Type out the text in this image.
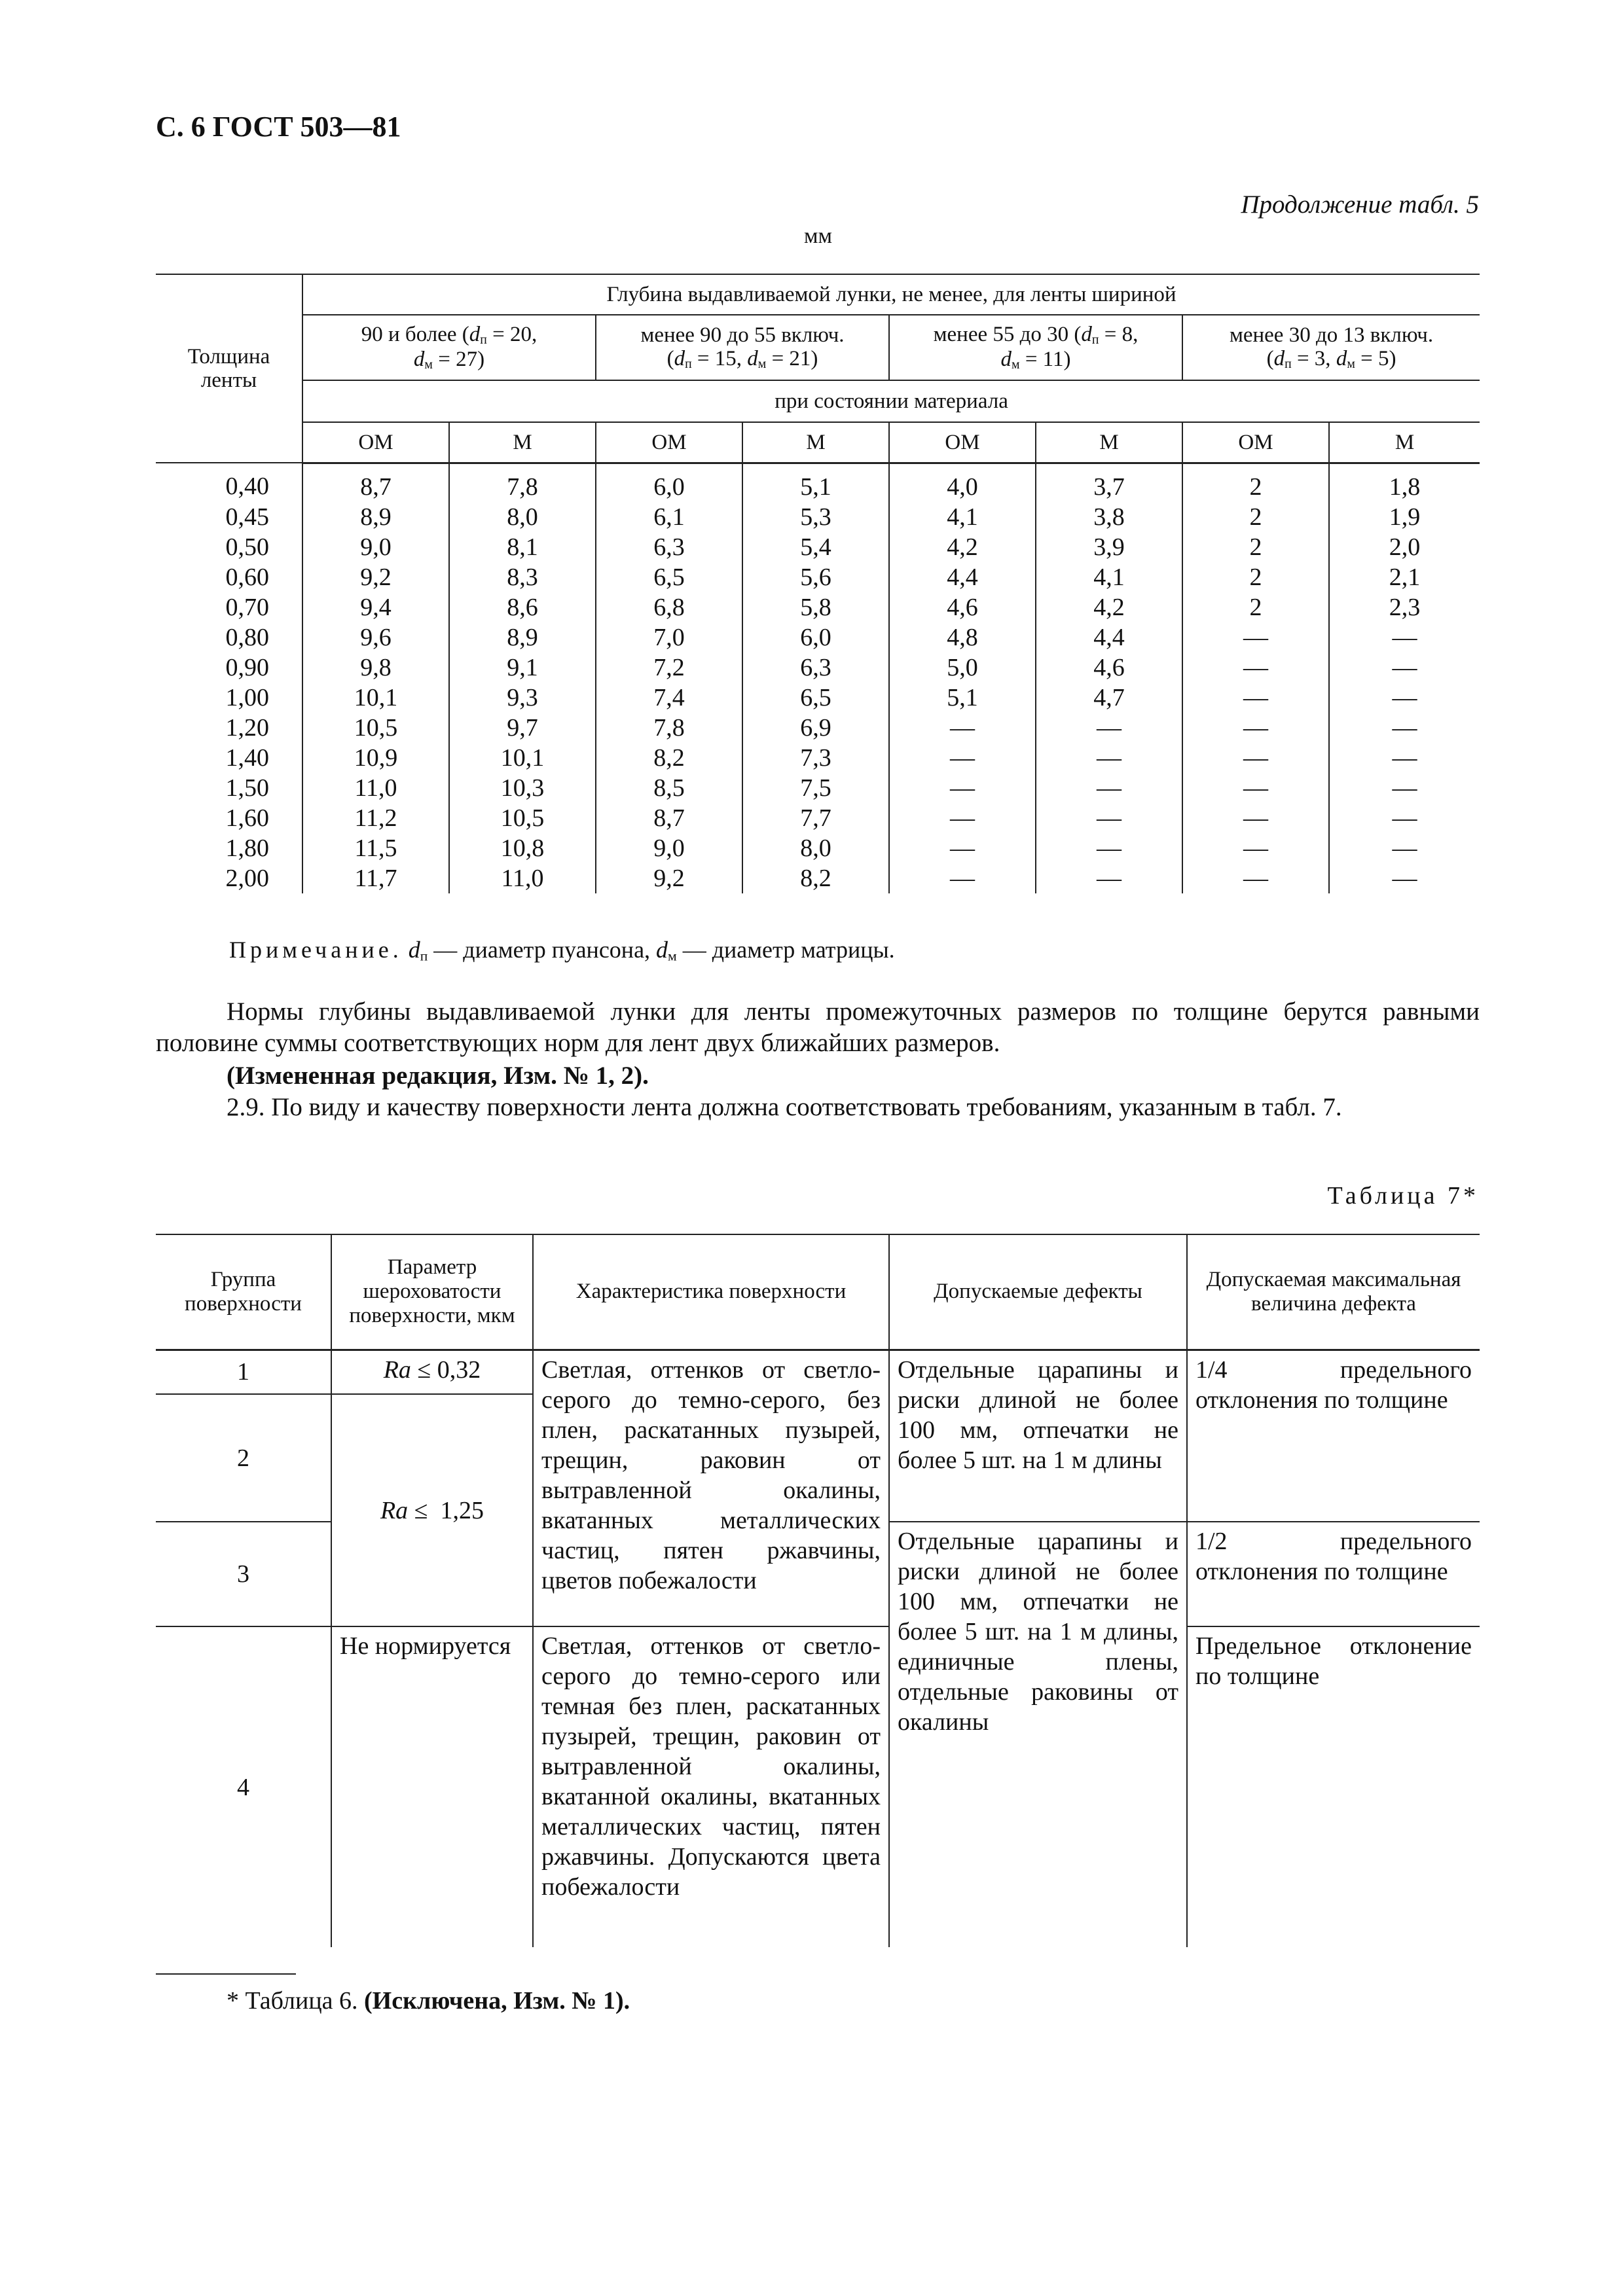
С. 6 ГОСТ 503—81
Продолжение табл. 5
мм
Толщина ленты	Глубина выдавливаемой лунки, не менее, для ленты шириной							
	90 и более ($d_п = 20$,
$d_м = 27$)		менее 90 до 55 включ.
($d_п = 15$, $d_м = 21$)		менее 55 до 30 ($d_п = 8$,
$d_м = 11$)		менее 30 до 13 включ.
($d_п = 3$, $d_м = 5$)	
	при состоянии материала							
	ОМ	М	ОМ	М	ОМ	М	ОМ	М
0,40	8,7	7,8	6,0	5,1	4,0	3,7	2	1,8
0,45	8,9	8,0	6,1	5,3	4,1	3,8	2	1,9
0,50	9,0	8,1	6,3	5,4	4,2	3,9	2	2,0
0,60	9,2	8,3	6,5	5,6	4,4	4,1	2	2,1
0,70	9,4	8,6	6,8	5,8	4,6	4,2	2	2,3
0,80	9,6	8,9	7,0	6,0	4,8	4,4	—	—
0,90	9,8	9,1	7,2	6,3	5,0	4,6	—	—
1,00	10,1	9,3	7,4	6,5	5,1	4,7	—	—
1,20	10,5	9,7	7,8	6,9	—	—	—	—
1,40	10,9	10,1	8,2	7,3	—	—	—	—
1,50	11,0	10,3	8,5	7,5	—	—	—	—
1,60	11,2	10,5	8,7	7,7	—	—	—	—
1,80	11,5	10,8	9,0	8,0	—	—	—	—
2,00	11,7	11,0	9,2	8,2	—	—	—	—
Примечание. $d_п$ — диаметр пуансона, $d_м$ — диаметр матрицы.
Нормы глубины выдавливаемой лунки для ленты промежуточных размеров по толщине берутся равными половине суммы соответствующих норм для лент двух ближайших размеров.
(Измененная редакция, Изм. № 1, 2).
2.9. По виду и качеству поверхности лента должна соответствовать требованиям, указанным в табл. 7.
Таблица 7*
Группа поверхности	Параметр шероховатости поверхности, мкм	Характеристика поверхности	Допускаемые дефекты	Допускаемая максимальная величина дефекта
1	Ra ≤ 0,32	Светлая, оттенков от светло-серого до темно-серого, без плен, раскатанных пузырей, трещин, раковин от вытравленной окалины, вкатанных металлических частиц, пятен ржавчины, цветов побежалости	Отдельные царапины и риски длиной не более 100 мм, отпечатки не более 5 шт. на 1 м длины	1/4 предельного отклонения по толщине
2	Ra ≤  1,25			
3			Отдельные царапины и риски длиной не более 100 мм, отпечатки не более 5 шт. на 1 м длины, единичные плены, отдельные раковины от окалины	1/2 предельного отклонения по толщине
4	Не нормируется	Светлая, оттенков от светло-серого до темно-серого или темная без плен, раскатанных пузырей, трещин, раковин от вытравленной окалины, вкатанной окалины, вкатанных металлических частиц, пятен ржавчины. Допускаются цвета побежалости		Предельное отклонение по толщине
* Таблица 6. (Исключена, Изм. № 1).
